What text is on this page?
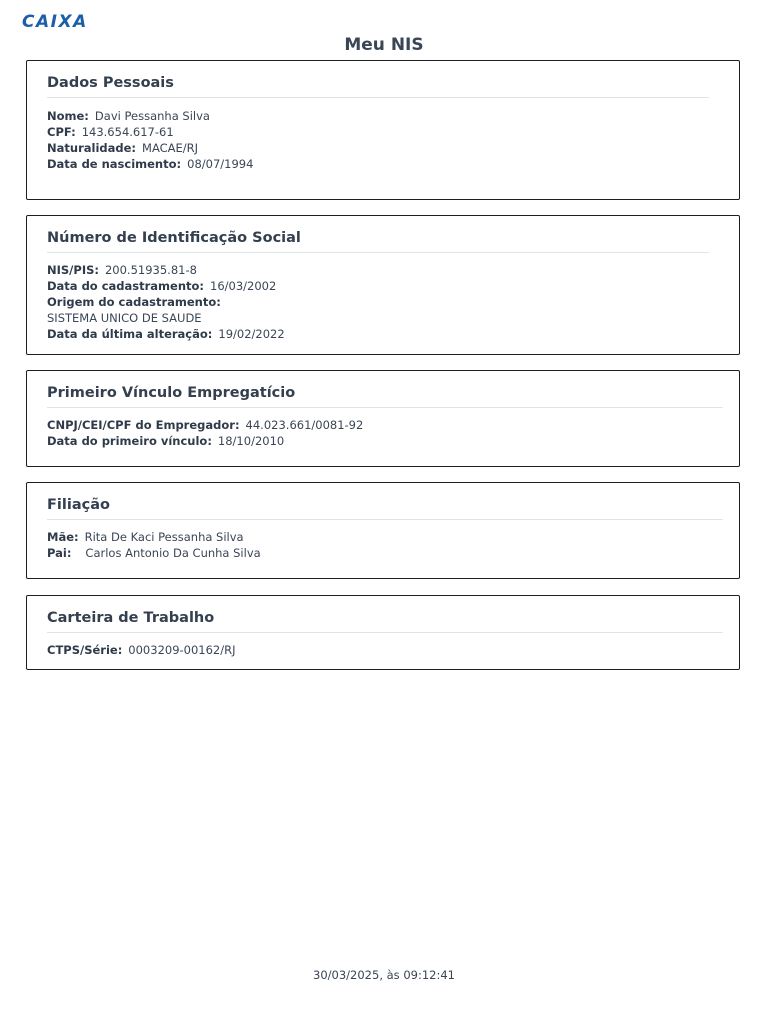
CAIXA
Meu NIS
Dados Pessoais
Nome: Davi Pessanha Silva
CPF: 143.654.617-61
Naturalidade: MACAE/RJ
Data de nascimento: 08/07/1994
Número de Identificação Social
NIS/PIS: 200.51935.81-8
Data do cadastramento: 16/03/2002
Origem do cadastramento:
SISTEMA UNICO DE SAUDE
Data da última alteração: 19/02/2022
Primeiro Vínculo Empregatício
CNPJ/CEI/CPF do Empregador: 44.023.661/0081-92
Data do primeiro vínculo: 18/10/2010
Filiação
Mãe: Rita De Kaci Pessanha Silva
Pai: Carlos Antonio Da Cunha Silva
Carteira de Trabalho
CTPS/Série: 0003209-00162/RJ
30/03/2025, às 09:12:41
